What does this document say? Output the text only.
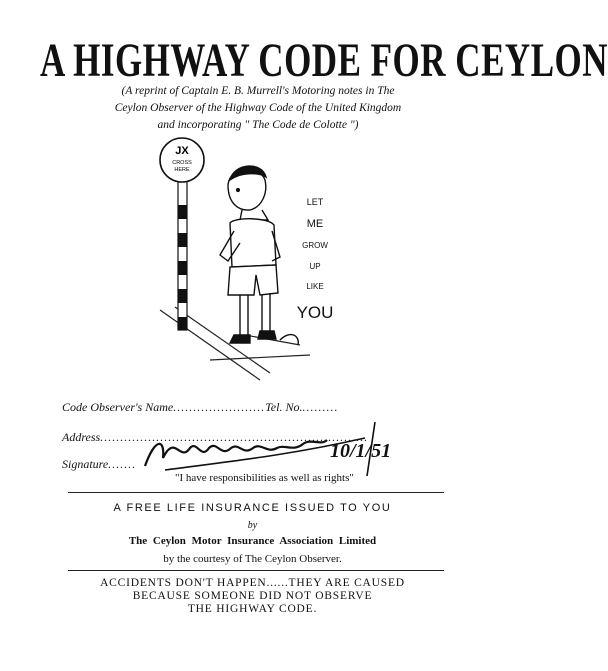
A HIGHWAY CODE FOR CEYLON
(A reprint of Captain E. B. Murrell's Motoring notes in The
Ceylon Observer of the Highway Code of the United Kingdom
and incorporating " The Code de Colotte ")
JX
CROSS
HERE
LET
ME
GROW
UP
LIKE
YOU
Code Observer's Name.......................Tel. No..........
Address...................................................................
Signature.......
10/1/51
"I have responsibilities as well as rights"
A FREE LIFE INSURANCE ISSUED TO YOU
by
The Ceylon Motor Insurance Association Limited
by the courtesy of The Ceylon Observer.
ACCIDENTS DON'T HAPPEN......THEY ARE CAUSED
BECAUSE SOMEONE DID NOT OBSERVE
THE HIGHWAY CODE.
